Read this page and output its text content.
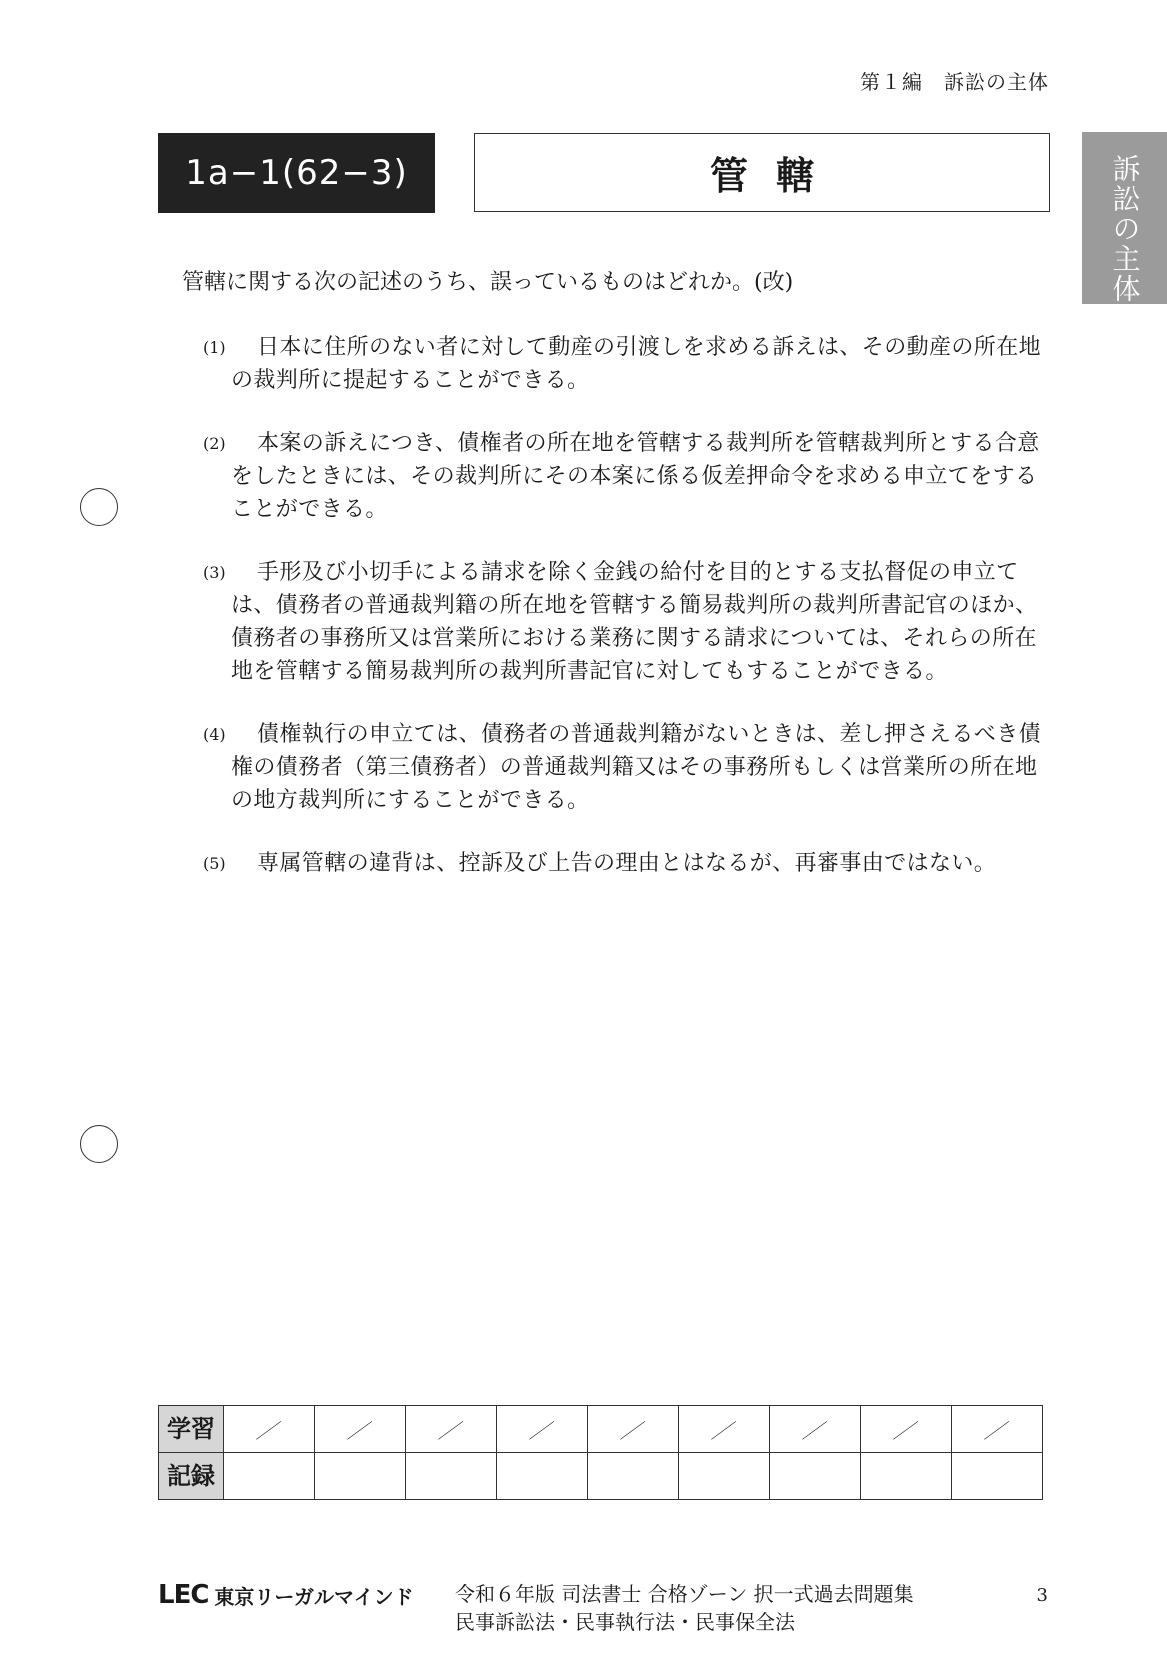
第１編　訴訟の主体
訴訟の主体
1a−1(62−3)	管轄
管轄に関する次の記述のうち、誤っているものはどれか。(改)
(1)	日本に住所のない者に対して動産の引渡しを求める訴えは、その動産の所在地の裁判所に提起することができる。
(2)	本案の訴えにつき、債権者の所在地を管轄する裁判所を管轄裁判所とする合意をしたときには、その裁判所にその本案に係る仮差押命令を求める申立てをすることができる。
(3)	手形及び小切手による請求を除く金銭の給付を目的とする支払督促の申立ては、債務者の普通裁判籍の所在地を管轄する簡易裁判所の裁判所書記官のほか、債務者の事務所又は営業所における業務に関する請求については、それらの所在地を管轄する簡易裁判所の裁判所書記官に対してもすることができる。
(4)	債権執行の申立ては、債務者の普通裁判籍がないときは、差し押さえるべき債権の債務者（第三債務者）の普通裁判籍又はその事務所もしくは営業所の所在地の地方裁判所にすることができる。
(5)	専属管轄の違背は、控訴及び上告の理由とはなるが、再審事由ではない。
学習	／	／	／	／	／	／	／	／	／
記録									
LEC 東京リーガルマインド 令和６年版 司法書士 合格ゾーン 択一式過去問題集
民事訴訟法・民事執行法・民事保全法
3
